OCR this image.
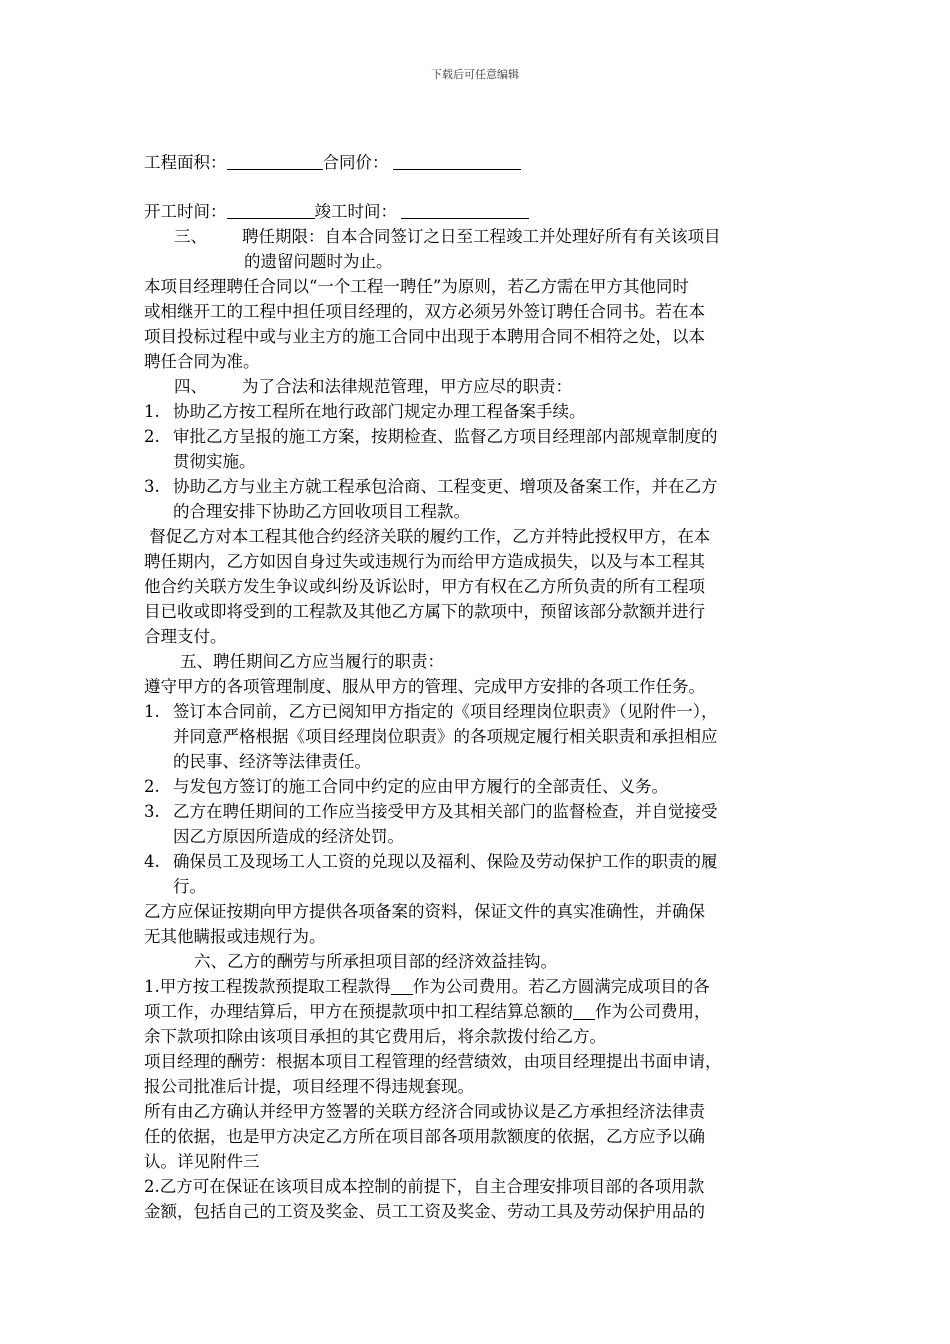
下载后可任意编辑
工程面积：	合同价：
开工时间：	竣工时间：
三、 聘任期限：自本合同签订之日至工程竣工并处理好所有有关该项目
的遗留问题时为止。
本项目经理聘任合同以“一个工程一聘任”为原则，若乙方需在甲方其他同时
或相继开工的工程中担任项目经理的，双方必须另外签订聘任合同书。若在本
项目投标过程中或与业主方的施工合同中出现于本聘用合同不相符之处，以本
聘任合同为准。
四、 为了合法和法律规范管理，甲方应尽的职责：
1. 协助乙方按工程所在地行政部门规定办理工程备案手续。
2. 审批乙方呈报的施工方案，按期检查、监督乙方项目经理部内部规章制度的
贯彻实施。
3. 协助乙方与业主方就工程承包洽商、工程变更、增项及备案工作，并在乙方
的合理安排下协助乙方回收项目工程款。
督促乙方对本工程其他合约经济关联的履约工作，乙方并特此授权甲方，在本
聘任期内，乙方如因自身过失或违规行为而给甲方造成损失，以及与本工程其
他合约关联方发生争议或纠纷及诉讼时，甲方有权在乙方所负责的所有工程项
目已收或即将受到的工程款及其他乙方属下的款项中，预留该部分款额并进行
合理支付。
五、聘任期间乙方应当履行的职责：
遵守甲方的各项管理制度、服从甲方的管理、完成甲方安排的各项工作任务。
1. 签订本合同前，乙方已阅知甲方指定的《项目经理岗位职责》（见附件一），
并同意严格根据《项目经理岗位职责》的各项规定履行相关职责和承担相应
的民事、经济等法律责任。
2. 与发包方签订的施工合同中约定的应由甲方履行的全部责任、义务。
3. 乙方在聘任期间的工作应当接受甲方及其相关部门的监督检查，并自觉接受
因乙方原因所造成的经济处罚。
4. 确保员工及现场工人工资的兑现以及福利、保险及劳动保护工作的职责的履
行。
乙方应保证按期向甲方提供各项备案的资料，保证文件的真实准确性，并确保
无其他瞒报或违规行为。
六、乙方的酬劳与所承担项目部的经济效益挂钩。
1.甲方按工程拨款预提取工程款得 作为公司费用。若乙方圆满完成项目的各
项工作，办理结算后，甲方在预提款项中扣工程结算总额的 作为公司费用，
余下款项扣除由该项目承担的其它费用后，将余款拨付给乙方。
项目经理的酬劳：根据本项目工程管理的经营绩效，由项目经理提出书面申请，
报公司批准后计提，项目经理不得违规套现。
所有由乙方确认并经甲方签署的关联方经济合同或协议是乙方承担经济法律责
任的依据，也是甲方决定乙方所在项目部各项用款额度的依据，乙方应予以确
认。详见附件三
2.乙方可在保证在该项目成本控制的前提下，自主合理安排项目部的各项用款
金额，包括自己的工资及奖金、员工工资及奖金、劳动工具及劳动保护用品的
